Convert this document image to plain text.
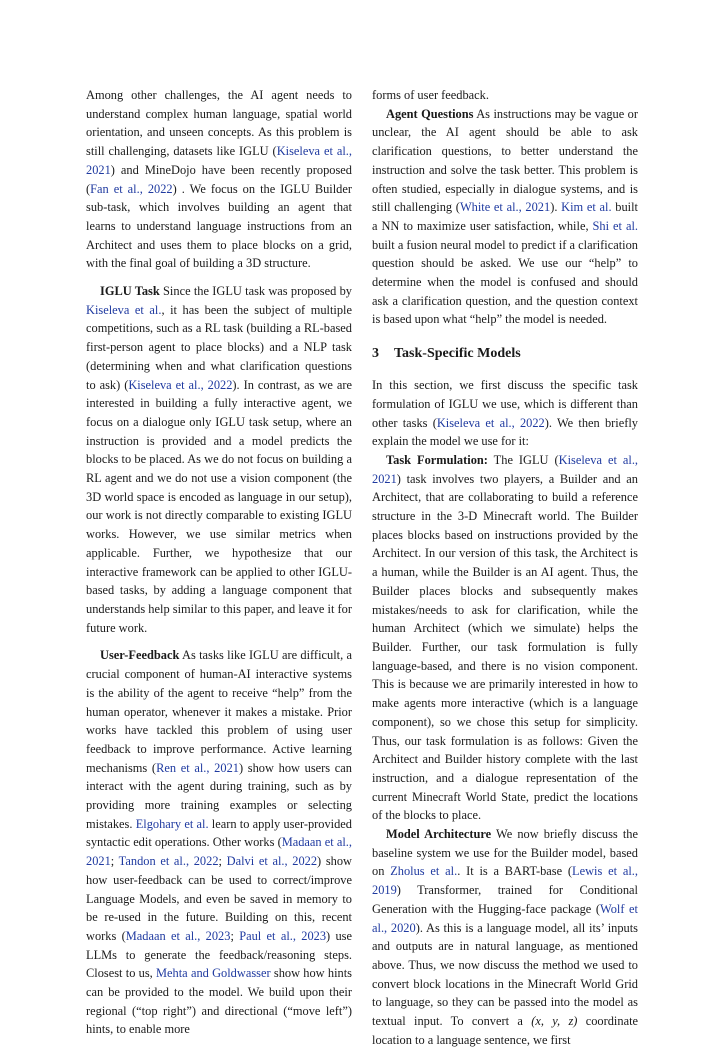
Among other challenges, the AI agent needs to understand complex human language, spatial world orientation, and unseen concepts. As this problem is still challenging, datasets like IGLU (Kiseleva et al., 2021) and MineDojo have been recently proposed (Fan et al., 2022) . We focus on the IGLU Builder sub-task, which involves building an agent that learns to understand language instructions from an Architect and uses them to place blocks on a grid, with the final goal of building a 3D structure.

IGLU Task Since the IGLU task was proposed by Kiseleva et al., it has been the subject of multiple competitions, such as a RL task (building a RL-based first-person agent to place blocks) and a NLP task (determining when and what clarification questions to ask) (Kiseleva et al., 2022). In contrast, as we are interested in building a fully interactive agent, we focus on a dialogue only IGLU task setup, where an instruction is provided and a model predicts the blocks to be placed. As we do not focus on building a RL agent and we do not use a vision component (the 3D world space is encoded as language in our setup), our work is not directly comparable to existing IGLU works. However, we use similar metrics when applicable. Further, we hypothesize that our interactive framework can be applied to other IGLU-based tasks, by adding a language component that understands help similar to this paper, and leave it for future work.

User-Feedback As tasks like IGLU are difficult, a crucial component of human-AI interactive systems is the ability of the agent to receive “help” from the human operator, whenever it makes a mistake. Prior works have tackled this problem of using user feedback to improve performance. Active learning mechanisms (Ren et al., 2021) show how users can interact with the agent during training, such as by providing more training examples or selecting mistakes. Elgohary et al. learn to apply user-provided syntactic edit operations. Other works (Madaan et al., 2021; Tandon et al., 2022; Dalvi et al., 2022) show how user-feedback can be used to correct/improve Language Models, and even be saved in memory to be re-used in the future. Building on this, recent works (Madaan et al., 2023; Paul et al., 2023) use LLMs to generate the feedback/reasoning steps. Closest to us, Mehta and Goldwasser show how hints can be provided to the model. We build upon their regional (“top right”) and directional (“move left”) hints, to enable more

forms of user feedback.

Agent Questions As instructions may be vague or unclear, the AI agent should be able to ask clarification questions, to better understand the instruction and solve the task better. This problem is often studied, especially in dialogue systems, and is still challenging (White et al., 2021). Kim et al. built a NN to maximize user satisfaction, while, Shi et al. built a fusion neural model to predict if a clarification question should be asked. We use our “help” to determine when the model is confused and should ask a clarification question, and the question context is based upon what “help” the model is needed.

3 Task-Specific Models

In this section, we first discuss the specific task formulation of IGLU we use, which is different than other tasks (Kiseleva et al., 2022). We then briefly explain the model we use for it:

Task Formulation: The IGLU (Kiseleva et al., 2021) task involves two players, a Builder and an Architect, that are collaborating to build a reference structure in the 3-D Minecraft world. The Builder places blocks based on instructions provided by the Architect. In our version of this task, the Architect is a human, while the Builder is an AI agent. Thus, the Builder places blocks and subsequently makes mistakes/needs to ask for clarification, while the human Architect (which we simulate) helps the Builder. Further, our task formulation is fully language-based, and there is no vision component. This is because we are primarily interested in how to make agents more interactive (which is a language component), so we chose this setup for simplicity. Thus, our task formulation is as follows: Given the Architect and Builder history complete with the last instruction, and a dialogue representation of the current Minecraft World State, predict the locations of the blocks to place.

Model Architecture We now briefly discuss the baseline system we use for the Builder model, based on Zholus et al.. It is a BART-base (Lewis et al., 2019) Transformer, trained for Conditional Generation with the Hugging-face package (Wolf et al., 2020). As this is a language model, all its’ inputs and outputs are in natural language, as mentioned above. Thus, we now discuss the method we used to convert block locations in the Minecraft World Grid to language, so they can be passed into the model as textual input. To convert a (x, y, z) coordinate location to a language sentence, we first
